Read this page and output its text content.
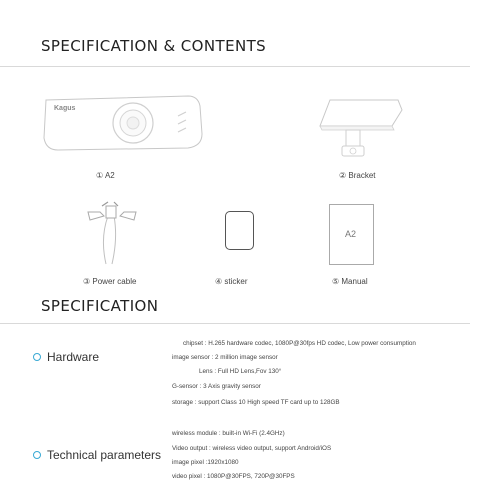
SPECIFICATION & CONTENTS
Kagus
① A2	② Bracket
③ Power cable	④ sticker
A2
⑤ Manual
SPECIFICATION
Hardware
chipset : H.265 hardware codec, 1080P@30fps HD codec, Low power consumption
image sensor : 2 million image sensor
Lens : Full HD Lens,Fov 130°
G-sensor : 3 Axis gravity sensor
storage : support Class 10 High speed TF card up to 128GB
Technical parameters
wireless module : built-in Wi-Fi (2.4GHz)
Video output : wireless video output, support Android/iOS
image pixel :1920x1080
video pixel : 1080P@30FPS, 720P@30FPS
